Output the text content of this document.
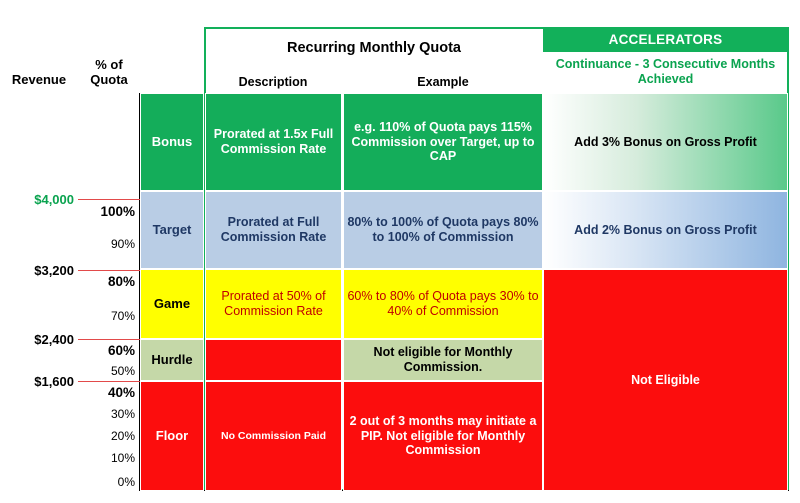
Revenue
% of
Quota
Recurring Monthly Quota
Description	Example
ACCELERATORS
Continuance - 3 Consecutive Months
Achieved
Bonus
Target
Game
Hurdle
Floor
Prorated at 1.5x Full Commission Rate
Prorated at Full Commission Rate
Prorated at 50% of Commission Rate
No Commission Paid
e.g. 110% of Quota pays 115% Commission over Target, up to CAP
80% to 100% of Quota pays 80% to 100% of Commission
60% to 80% of Quota pays 30% to 40% of Commission
Not eligible for Monthly Commission.
2 out of 3 months may initiate a PIP. Not eligible for Monthly Commission
Add 3% Bonus on Gross Profit
Add 2% Bonus on Gross Profit
Not Eligible
$4,000
$3,200
$2,400
$1,600
100%
90%
80%
70%
60%
50%
40%
30%
20%
10%
0%
